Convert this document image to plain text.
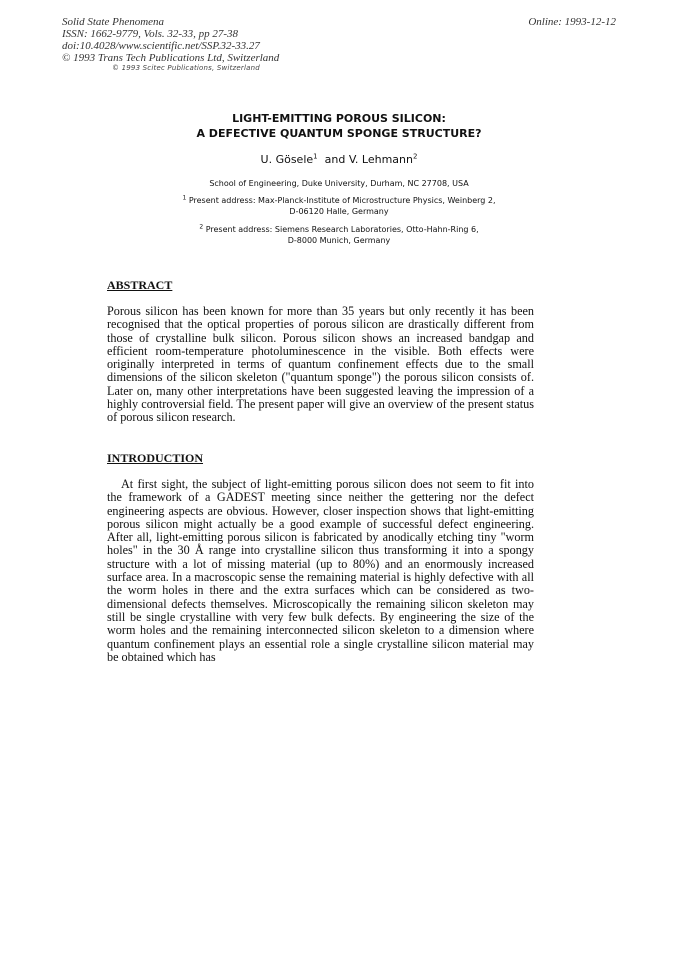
Solid State Phenomena
ISSN: 1662-9779, Vols. 32-33, pp 27-38
doi:10.4028/www.scientific.net/SSP.32-33.27
© 1993 Trans Tech Publications Ltd, Switzerland
Online: 1993-12-12
© 1993 Scitec Publications, Switzerland
LIGHT-EMITTING POROUS SILICON:
A DEFECTIVE QUANTUM SPONGE STRUCTURE?
U. Gösele$^1$ and V. Lehmann$^2$
School of Engineering, Duke University, Durham, NC 27708, USA
$^1$ Present address: Max-Planck-Institute of Microstructure Physics, Weinberg 2,
D-06120 Halle, Germany
$^2$ Present address: Siemens Research Laboratories, Otto-Hahn-Ring 6,
D-8000 Munich, Germany
ABSTRACT
Porous silicon has been known for more than 35 years but only recently it has been recognised that the optical properties of porous silicon are drastically different from those of crystalline bulk silicon. Porous silicon shows an increased bandgap and efficient room-temperature photoluminescence in the visible. Both effects were originally interpreted in terms of quantum confinement effects due to the small dimensions of the silicon skeleton ("quantum sponge") the porous silicon consists of. Later on, many other interpretations have been suggested leaving the impression of a highly controversial field. The present paper will give an overview of the present status of porous silicon research.
INTRODUCTION
At first sight, the subject of light-emitting porous silicon does not seem to fit into the framework of a GADEST meeting since neither the gettering nor the defect engineering aspects are obvious. However, closer inspection shows that light-emitting porous silicon might actually be a good example of successful defect engineering. After all, light-emitting porous silicon is fabricated by anodically etching tiny "worm holes" in the 30 Å range into crystalline silicon thus transforming it into a spongy structure with a lot of missing material (up to 80%) and an enormously increased surface area. In a macroscopic sense the remaining material is highly defective with all the worm holes in there and the extra surfaces which can be considered as two-dimensional defects themselves. Microscopically the remaining silicon skeleton may still be single crystalline with very few bulk defects. By engineering the size of the worm holes and the remaining interconnected silicon skeleton to a dimension where quantum confinement plays an essential role a single crystalline silicon material may be obtained which has
